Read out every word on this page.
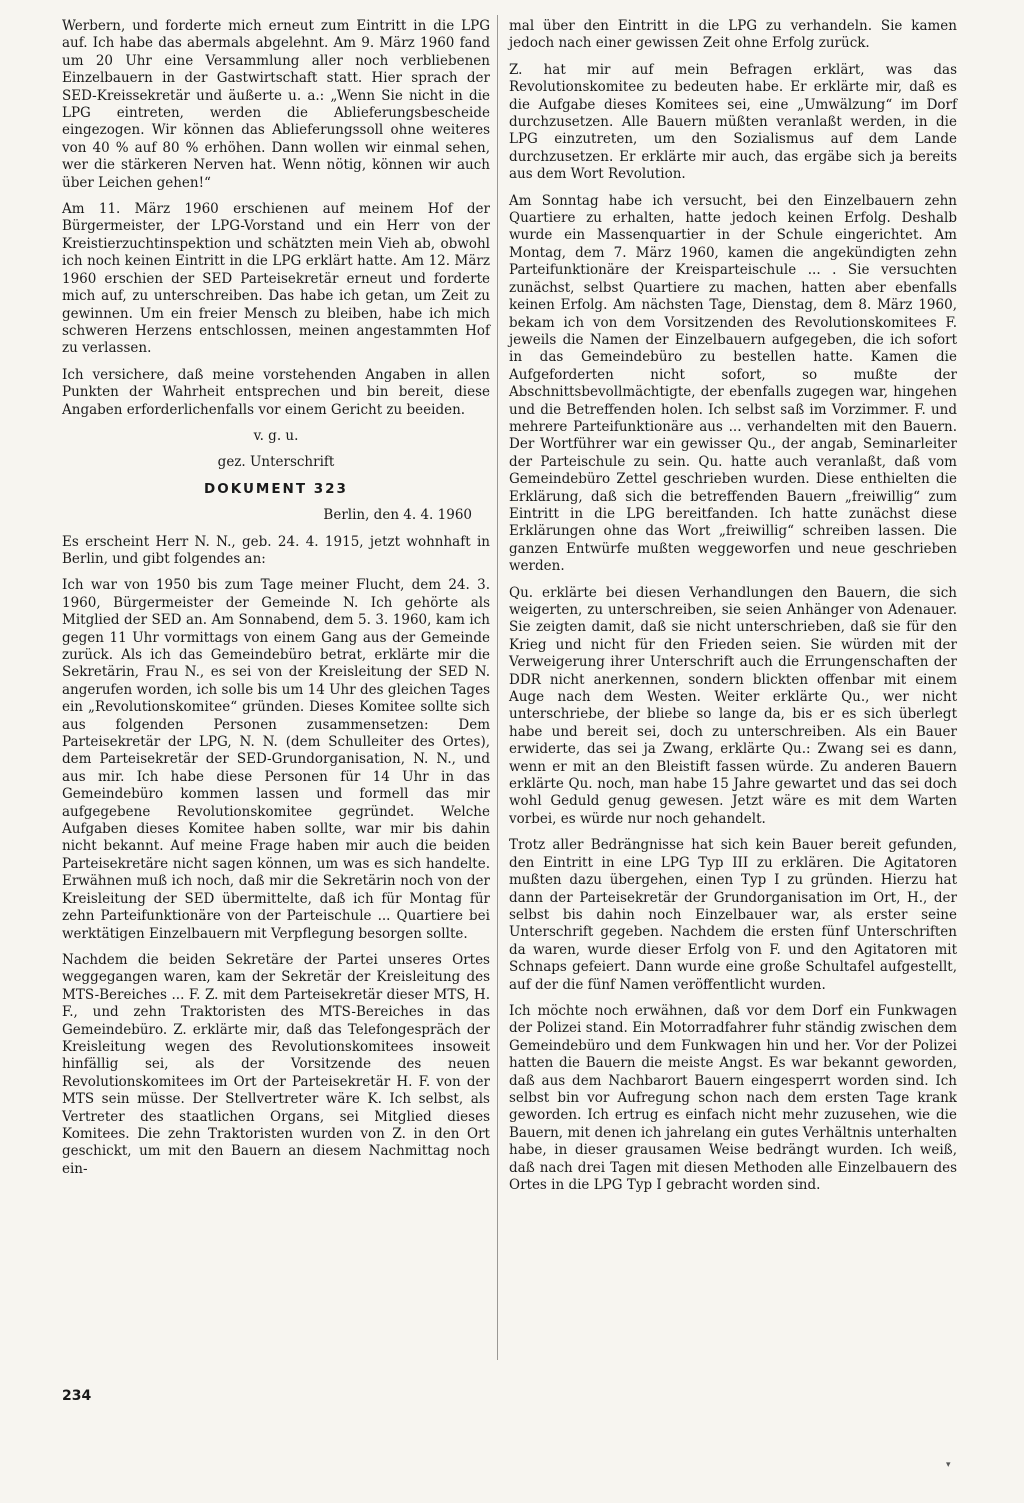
Werbern, und forderte mich erneut zum Eintritt in die LPG auf. Ich habe das abermals abgelehnt. Am 9. März 1960 fand um 20 Uhr eine Versammlung aller noch verbliebenen Einzelbauern in der Gastwirtschaft statt. Hier sprach der SED-Kreissekretär und äußerte u. a.: „Wenn Sie nicht in die LPG eintreten, werden die Ablieferungsbescheide eingezogen. Wir können das Ablieferungssoll ohne weiteres von 40 % auf 80 % erhöhen. Dann wollen wir einmal sehen, wer die stärkeren Nerven hat. Wenn nötig, können wir auch über Leichen gehen!“

Am 11. März 1960 erschienen auf meinem Hof der Bürgermeister, der LPG-Vorstand und ein Herr von der Kreistierzuchtinspektion und schätzten mein Vieh ab, obwohl ich noch keinen Eintritt in die LPG erklärt hatte. Am 12. März 1960 erschien der SED Parteisekretär erneut und forderte mich auf, zu unterschreiben. Das habe ich getan, um Zeit zu gewinnen. Um ein freier Mensch zu bleiben, habe ich mich schweren Herzens entschlossen, meinen angestammten Hof zu verlassen.

Ich versichere, daß meine vorstehenden Angaben in allen Punkten der Wahrheit entsprechen und bin bereit, diese Angaben erforderlichenfalls vor einem Gericht zu beeiden.

v. g. u.

gez. Unterschrift

DOKUMENT 323

Berlin, den 4. 4. 1960

Es erscheint Herr N. N., geb. 24. 4. 1915, jetzt wohnhaft in Berlin, und gibt folgendes an:

Ich war von 1950 bis zum Tage meiner Flucht, dem 24. 3. 1960, Bürgermeister der Gemeinde N. Ich gehörte als Mitglied der SED an. Am Sonnabend, dem 5. 3. 1960, kam ich gegen 11 Uhr vormittags von einem Gang aus der Gemeinde zurück. Als ich das Gemeindebüro betrat, erklärte mir die Sekretärin, Frau N., es sei von der Kreisleitung der SED N. angerufen worden, ich solle bis um 14 Uhr des gleichen Tages ein „Revolutionskomitee“ gründen. Dieses Komitee sollte sich aus folgenden Personen zusammensetzen: Dem Parteisekretär der LPG, N. N. (dem Schulleiter des Ortes), dem Parteisekretär der SED-Grundorganisation, N. N., und aus mir. Ich habe diese Personen für 14 Uhr in das Gemeindebüro kommen lassen und formell das mir aufgegebene Revolutionskomitee gegründet. Welche Aufgaben dieses Komitee haben sollte, war mir bis dahin nicht bekannt. Auf meine Frage haben mir auch die beiden Parteisekretäre nicht sagen können, um was es sich handelte. Erwähnen muß ich noch, daß mir die Sekretärin noch von der Kreisleitung der SED übermittelte, daß ich für Montag für zehn Parteifunktionäre von der Parteischule ... Quartiere bei werktätigen Einzelbauern mit Verpflegung besorgen sollte.

Nachdem die beiden Sekretäre der Partei unseres Ortes weggegangen waren, kam der Sekretär der Kreisleitung des MTS-Bereiches ... F. Z. mit dem Parteisekretär dieser MTS, H. F., und zehn Traktoristen des MTS-Bereiches in das Gemeindebüro. Z. erklärte mir, daß das Telefongespräch der Kreisleitung wegen des Revolutionskomitees insoweit hinfällig sei, als der Vorsitzende des neuen Revolutionskomitees im Ort der Parteisekretär H. F. von der MTS sein müsse. Der Stellvertreter wäre K. Ich selbst, als Vertreter des staatlichen Organs, sei Mitglied dieses Komitees. Die zehn Traktoristen wurden von Z. in den Ort geschickt, um mit den Bauern an diesem Nachmittag noch ein-

mal über den Eintritt in die LPG zu verhandeln. Sie kamen jedoch nach einer gewissen Zeit ohne Erfolg zurück.

Z. hat mir auf mein Befragen erklärt, was das Revolutionskomitee zu bedeuten habe. Er erklärte mir, daß es die Aufgabe dieses Komitees sei, eine „Umwälzung“ im Dorf durchzusetzen. Alle Bauern müßten veranlaßt werden, in die LPG einzutreten, um den Sozialismus auf dem Lande durchzusetzen. Er erklärte mir auch, das ergäbe sich ja bereits aus dem Wort Revolution.

Am Sonntag habe ich versucht, bei den Einzelbauern zehn Quartiere zu erhalten, hatte jedoch keinen Erfolg. Deshalb wurde ein Massenquartier in der Schule eingerichtet. Am Montag, dem 7. März 1960, kamen die angekündigten zehn Parteifunktionäre der Kreisparteischule ... . Sie versuchten zunächst, selbst Quartiere zu machen, hatten aber ebenfalls keinen Erfolg. Am nächsten Tage, Dienstag, dem 8. März 1960, bekam ich von dem Vorsitzenden des Revolutionskomitees F. jeweils die Namen der Einzelbauern aufgegeben, die ich sofort in das Gemeindebüro zu bestellen hatte. Kamen die Aufgeforderten nicht sofort, so mußte der Abschnittsbevollmächtigte, der ebenfalls zugegen war, hingehen und die Betreffenden holen. Ich selbst saß im Vorzimmer. F. und mehrere Parteifunktionäre aus ... verhandelten mit den Bauern. Der Wortführer war ein gewisser Qu., der angab, Seminarleiter der Parteischule zu sein. Qu. hatte auch veranlaßt, daß vom Gemeindebüro Zettel geschrieben wurden. Diese enthielten die Erklärung, daß sich die betreffenden Bauern „freiwillig“ zum Eintritt in die LPG bereitfanden. Ich hatte zunächst diese Erklärungen ohne das Wort „freiwillig“ schreiben lassen. Die ganzen Entwürfe mußten weggeworfen und neue geschrieben werden.

Qu. erklärte bei diesen Verhandlungen den Bauern, die sich weigerten, zu unterschreiben, sie seien Anhänger von Adenauer. Sie zeigten damit, daß sie nicht unterschrieben, daß sie für den Krieg und nicht für den Frieden seien. Sie würden mit der Verweigerung ihrer Unterschrift auch die Errungenschaften der DDR nicht anerkennen, sondern blickten offenbar mit einem Auge nach dem Westen. Weiter erklärte Qu., wer nicht unterschriebe, der bliebe so lange da, bis er es sich überlegt habe und bereit sei, doch zu unterschreiben. Als ein Bauer erwiderte, das sei ja Zwang, erklärte Qu.: Zwang sei es dann, wenn er mit an den Bleistift fassen würde. Zu anderen Bauern erklärte Qu. noch, man habe 15 Jahre gewartet und das sei doch wohl Geduld genug gewesen. Jetzt wäre es mit dem Warten vorbei, es würde nur noch gehandelt.

Trotz aller Bedrängnisse hat sich kein Bauer bereit gefunden, den Eintritt in eine LPG Typ III zu erklären. Die Agitatoren mußten dazu übergehen, einen Typ I zu gründen. Hierzu hat dann der Parteisekretär der Grundorganisation im Ort, H., der selbst bis dahin noch Einzelbauer war, als erster seine Unterschrift gegeben. Nachdem die ersten fünf Unterschriften da waren, wurde dieser Erfolg von F. und den Agitatoren mit Schnaps gefeiert. Dann wurde eine große Schultafel aufgestellt, auf der die fünf Namen veröffentlicht wurden.

Ich möchte noch erwähnen, daß vor dem Dorf ein Funkwagen der Polizei stand. Ein Motorradfahrer fuhr ständig zwischen dem Gemeindebüro und dem Funkwagen hin und her. Vor der Polizei hatten die Bauern die meiste Angst. Es war bekannt geworden, daß aus dem Nachbarort Bauern eingesperrt worden sind. Ich selbst bin vor Aufregung schon nach dem ersten Tage krank geworden. Ich ertrug es einfach nicht mehr zuzusehen, wie die Bauern, mit denen ich jahrelang ein gutes Verhältnis unterhalten habe, in dieser grausamen Weise bedrängt wurden. Ich weiß, daß nach drei Tagen mit diesen Methoden alle Einzelbauern des Ortes in die LPG Typ I gebracht worden sind.

234
▾
